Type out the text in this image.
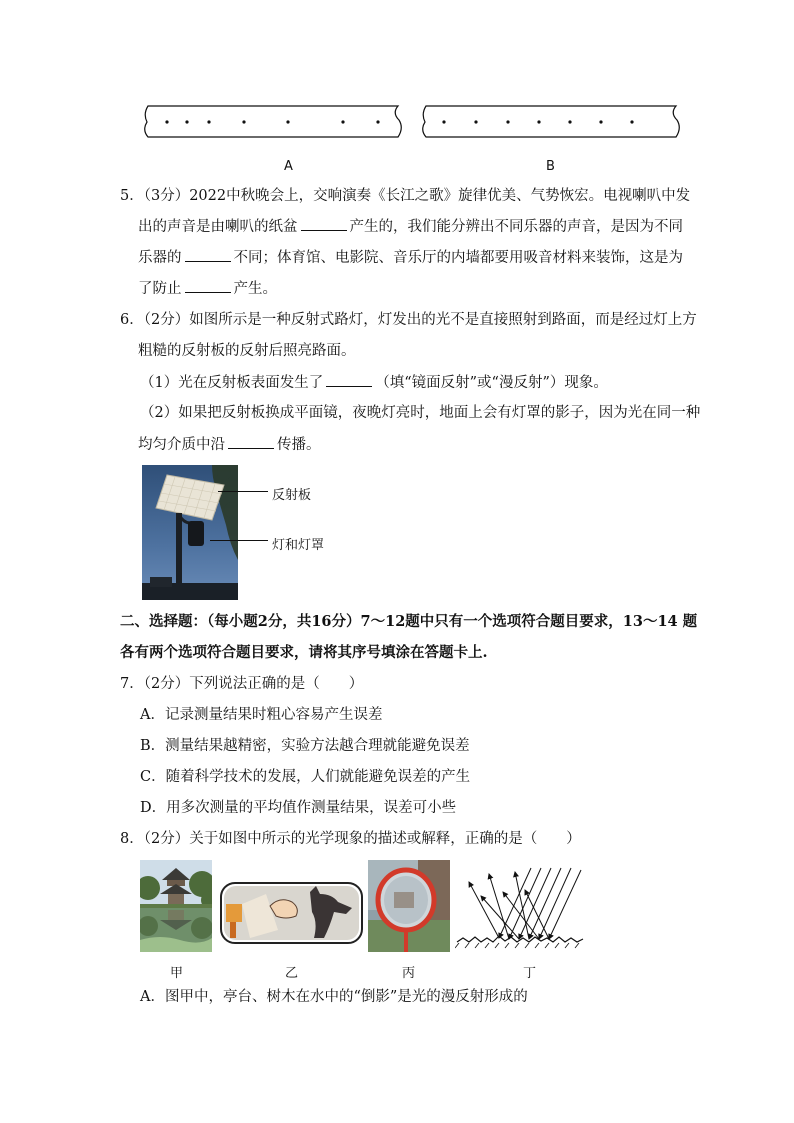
A	B
5．（3分）2022中秋晚会上，交响演奏《长江之歌》旋律优美、气势恢宏。电视喇叭中发
出的声音是由喇叭的纸盆	产生的，我们能分辨出不同乐器的声音，是因为不同
乐器的	不同；体育馆、电影院、音乐厅的内墙都要用吸音材料来装饰，这是为
了防止	产生。
6．（2分）如图所示是一种反射式路灯，灯发出的光不是直接照射到路面，而是经过灯上方
粗糙的反射板的反射后照亮路面。
（1）光在反射板表面发生了	（填“镜面反射”或“漫反射”）现象。
（2）如果把反射板换成平面镜，夜晚灯亮时，地面上会有灯罩的影子，因为光在同一种
均匀介质中沿	传播。
反射板
灯和灯罩
二、选择题：（每小题2分，共16分）7～12题中只有一个选项符合题目要求，13～14 题
各有两个选项符合题目要求，请将其序号填涂在答题卡上.
7．（2分）下列说法正确的是（　　）
A．记录测量结果时粗心容易产生误差
B．测量结果越精密，实验方法越合理就能避免误差
C．随着科学技术的发展，人们就能避免误差的产生
D．用多次测量的平均值作测量结果，误差可小些
8．（2分）关于如图中所示的光学现象的描述或解释，正确的是（　　）
甲	乙	丙	丁
A．图甲中，亭台、树木在水中的“倒影”是光的漫反射形成的
